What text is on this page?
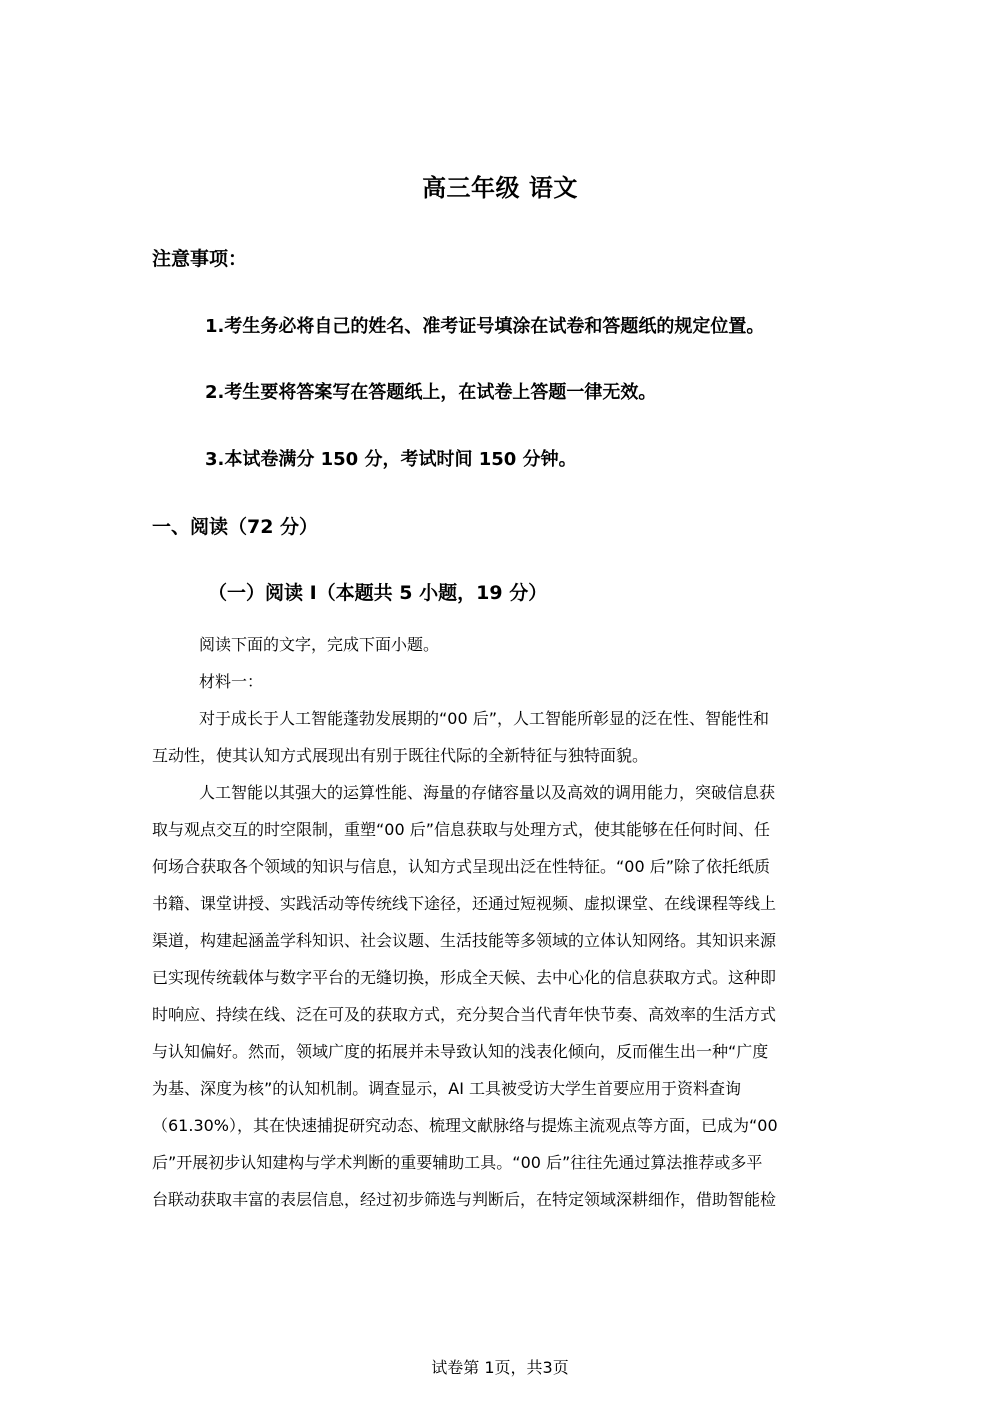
高三年级 语文
注意事项：
1.考生务必将自己的姓名、准考证号填涂在试卷和答题纸的规定位置。
2.考生要将答案写在答题纸上，在试卷上答题一律无效。
3.本试卷满分 150 分，考试时间 150 分钟。
一、阅读（72 分）
（一）阅读 I（本题共 5 小题，19 分）
阅读下面的文字，完成下面小题。
材料一：
对于成长于人工智能蓬勃发展期的“00 后”，人工智能所彰显的泛在性、智能性和
互动性，使其认知方式展现出有别于既往代际的全新特征与独特面貌。
人工智能以其强大的运算性能、海量的存储容量以及高效的调用能力，突破信息获
取与观点交互的时空限制，重塑“00 后”信息获取与处理方式，使其能够在任何时间、任
何场合获取各个领域的知识与信息，认知方式呈现出泛在性特征。“00 后”除了依托纸质
书籍、课堂讲授、实践活动等传统线下途径，还通过短视频、虚拟课堂、在线课程等线上
渠道，构建起涵盖学科知识、社会议题、生活技能等多领域的立体认知网络。其知识来源
已实现传统载体与数字平台的无缝切换，形成全天候、去中心化的信息获取方式。这种即
时响应、持续在线、泛在可及的获取方式，充分契合当代青年快节奏、高效率的生活方式
与认知偏好。然而，领域广度的拓展并未导致认知的浅表化倾向，反而催生出一种“广度
为基、深度为核”的认知机制。调查显示，AI 工具被受访大学生首要应用于资料查询
（61.30%），其在快速捕捉研究动态、梳理文献脉络与提炼主流观点等方面，已成为“00
后”开展初步认知建构与学术判断的重要辅助工具。“00 后”往往先通过算法推荐或多平
台联动获取丰富的表层信息，经过初步筛选与判断后，在特定领域深耕细作，借助智能检
试卷第 1页，共3页
